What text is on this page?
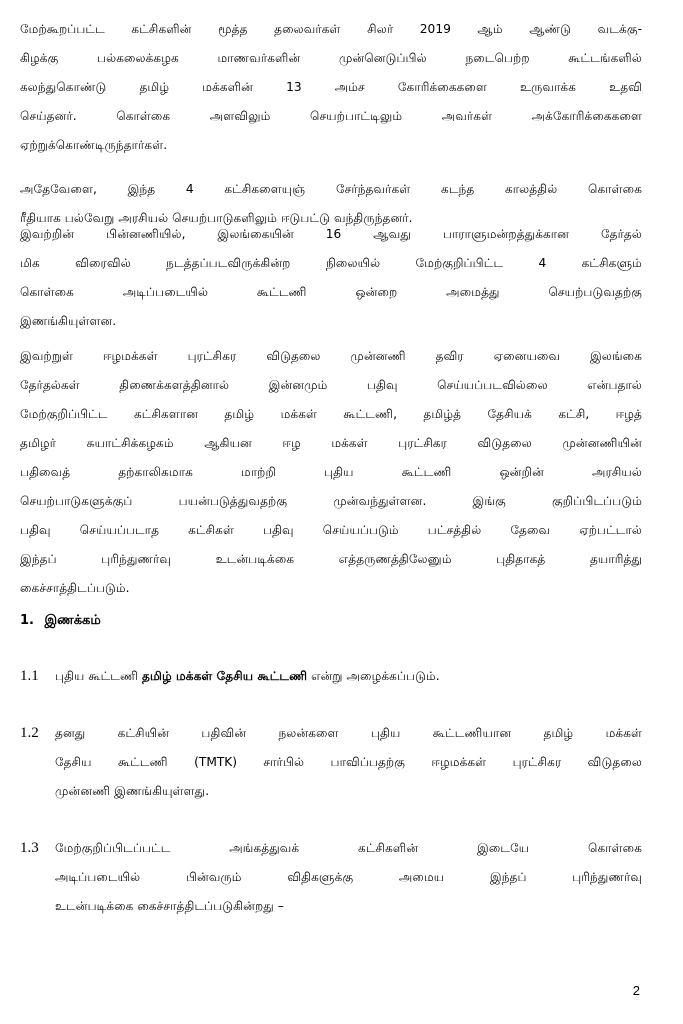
மேற்கூறப்பட்ட கட்சிகளின் மூத்த தலைவர்கள் சிலர் 2019 ஆம் ஆண்டு வடக்கு-
கிழக்கு பல்கலைக்கழக மாணவர்களின் முன்னெடுப்பில் நடைபெற்ற கூட்டங்களில்
கலந்துகொண்டு தமிழ் மக்களின் 13 அம்ச கோரிக்கைகளை உருவாக்க உதவி
செய்தனர். கொள்கை அளவிலும் செயற்பாட்டிலும் அவர்கள் அக்கோரிக்கைகளை
ஏற்றுக்கொண்டிருந்தார்கள்.
அதேவேளை, இந்த 4 கட்சிகளையுஞ் சேர்ந்தவர்கள் கடந்த காலத்தில் கொள்கை
ரீதியாக பல்வேறு அரசியல் செயற்பாடுகளிலும் ஈடுபட்டு வந்திருந்தனர்.
இவற்றின் பின்னணியில், இலங்கையின் 16 ஆவது பாராளுமன்றத்துக்கான தேர்தல்
மிக விரைவில் நடத்தப்படவிருக்கின்ற நிலையில் மேற்குறிப்பிட்ட 4 கட்சிகளும்
கொள்கை அடிப்படையில் கூட்டணி ஒன்றை அமைத்து செயற்படுவதற்கு
இணங்கியுள்ளன.
இவற்றுள் ஈழமக்கள் புரட்சிகர விடுதலை முன்னணி தவிர ஏனையவை இலங்கை
தேர்தல்கள் திணைக்களத்தினால் இன்னமும் பதிவு செய்யப்படவில்லை என்பதால்
மேற்குறிப்பிட்ட கட்சிகளான தமிழ் மக்கள் கூட்டணி, தமிழ்த் தேசியக் கட்சி, ஈழத்
தமிழர் சுயாட்சிக்கழகம் ஆகியன ஈழ மக்கள் புரட்சிகர விடுதலை முன்னணியின்
பதிவைத் தற்காலிகமாக மாற்றி புதிய கூட்டணி ஒன்றின் அரசியல்
செயற்பாடுகளுக்குப் பயன்படுத்துவதற்கு முன்வந்துள்ளன. இங்கு குறிப்பிடப்படும்
பதிவு செய்யப்படாத கட்சிகள் பதிவு செய்யப்படும் பட்சத்தில் தேவை ஏற்பட்டால்
இந்தப் புரிந்துணர்வு உடன்படிக்கை எத்தருணத்திலேனும் புதிதாகத் தயாரித்து
கைச்சாத்திடப்படும்.
1. இணக்கம்
1.1 புதிய கூட்டணி தமிழ் மக்கள் தேசிய கூட்டணி என்று அழைக்கப்படும்.
1.2 தனது கட்சியின் பதிவின் நலன்களை புதிய கூட்டணியான தமிழ் மக்கள்
தேசிய கூட்டணி (TMTK) சார்பில் பாவிப்பதற்கு ஈழமக்கள் புரட்சிகர விடுதலை
முன்னணி இணங்கியுள்ளது.
1.3 மேற்குறிப்பிடப்பட்ட அங்கத்துவக் கட்சிகளின் இடையே கொள்கை
அடிப்படையில் பின்வரும் விதிகளுக்கு அமைய இந்தப் புரிந்துணர்வு
உடன்படிக்கை கைச்சாத்திடப்படுகின்றது –
2
